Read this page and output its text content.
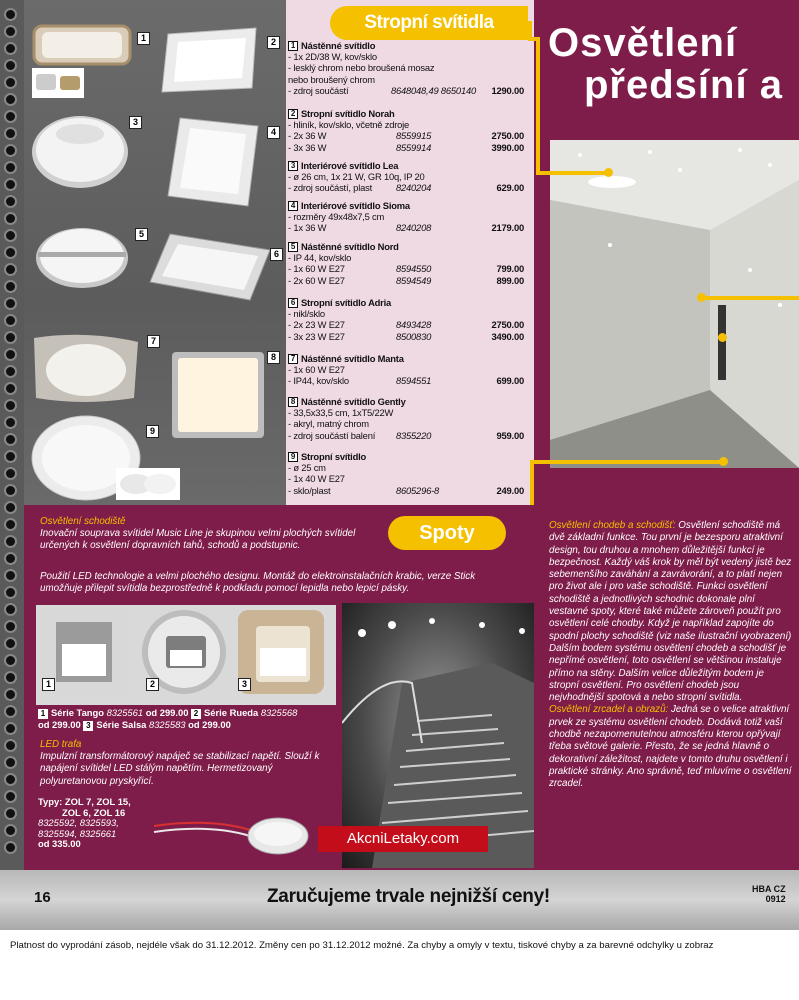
1	2
3
4
5
6
7
8
9
Stropní svítidla
1 Nástěnné svítidlo
- 1x 2D/38 W, kov/sklo
- lesklý chrom nebo broušená mosaz
nebo broušený chrom
- zdroj součástí	8648048,49 8650140	1290.00
2 Stropní svítidlo Norah
- hliník, kov/sklo, včetně zdroje
- 2x 36 W	8559915	2750.00
- 3x 36 W	8559914	3990.00
3 Interiérové svítidlo Lea
- ø 26 cm, 1x 21 W, GR 10q, IP 20
- zdroj součástí, plast	8240204	629.00
4 Interiérové svítidlo Sioma
- rozměry 49x48x7,5 cm
- 1x 36 W	8240208	2179.00
5 Nástěnné svítidlo Nord
- IP 44, kov/sklo
- 1x 60 W E27	8594550	799.00
- 2x 60 W E27	8594549	899.00
6 Stropní svítidlo Adria
- nikl/sklo
- 2x 23 W E27	8493428	2750.00
- 3x 23 W E27	8500830	3490.00
7 Nástěnné svítidlo Manta
- 1x 60 W E27
- IP44, kov/sklo	8594551	699.00
8 Nástěnné svítidlo Gently
- 33,5x33,5 cm, 1xT5/22W
- akryl, matný chrom
- zdroj součástí balení	8355220	959.00
9 Stropní svítidlo
- ø 25 cm
- 1x 40 W E27
- sklo/plast	8605296-8	249.00
Osvětlení
předsíní a
Spoty
Osvětlení schodiště
Inovační souprava svítidel Music Line je skupinou velmi plochých svítidel určených k osvětlení dopravních tahů, schodů a podstupnic.
Použití LED technologie a velmi plochého designu. Montáž do elektroinstalačních krabic, verze Stick umožňuje přilepit svítidla bezprostředně k podkladu pomocí lepidla nebo lepicí pásky.
1	2	3
1 Série Tango 8325561 od 299.00 2 Série Rueda 8325568
od 299.00 3 Série Salsa 8325583 od 299.00
LED trafa
Impulzní transformátorový napáječ se stabilizací napětí. Slouží k napájení svítidel LED stálým napětím. Hermetizovaný polyuretanovou pryskyřicí.
Typy: ZOL 7, ZOL 15,
ZOL 6, ZOL 16
8325592, 8325593,
8325594, 8325661
od 335.00	AkcniLetaky.com
Osvětlení chodeb a schodišť: Osvětlení schodiště má dvě základní funkce. Tou první je bezesporu atraktivní design, tou druhou a mnohem důležitější funkcí je bezpečnost. Každý váš krok by měl být vedený jistě bez sebemenšího zaváhání a zavrávorání, a to platí nejen pro život ale i pro vaše schodiště. Funkci osvětlení schodiště a jednotlivých schodnic dokonale plní vestavné spoty, které také můžete zároveň použít pro osvětlení celé chodby. Když je například zapojíte do spodní plochy schodiště (viz naše ilustrační vyobrazení) Dalším bodem systému osvětlení chodeb a schodišť je nepřímé osvětlení, toto osvětlení se většinou instaluje přímo na stěny. Dalším velice důležitým bodem je stropní osvětlení. Pro osvětlení chodeb jsou nejvhodnější spotová a nebo stropní svítidla.
Osvětlení zrcadel a obrazů: Jedná se o velice atraktivní prvek ze systému osvětlení chodeb. Dodává totiž vaší chodbě nezapomenutelnou atmosféru kterou opřývají třeba světové galerie. Přesto, že se jedná hlavně o dekorativní záležitost, najdete v tomto druhu osvětlení i praktické stránky. Ano správně, teď mluvíme o osvětlení zrcadel.
16	Zaručujeme trvale nejnižší ceny!	HBA CZ
0912
Platnost do vyprodání zásob, nejdéle však do 31.12.2012. Změny cen po 31.12.2012 možné. Za chyby a omyly v textu, tiskové chyby a za barevné odchylky u zobraz
